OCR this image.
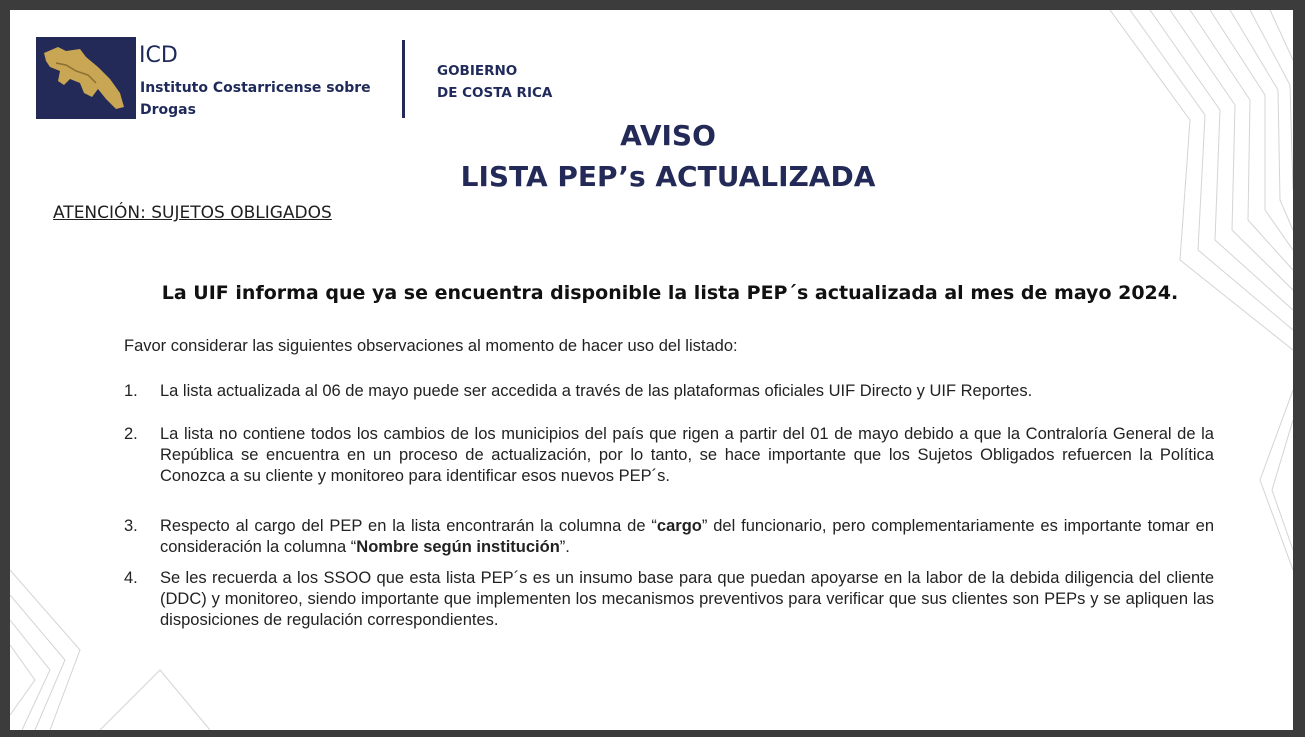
ICD
Instituto Costarricense sobre Drogas
GOBIERNO
DE COSTA RICA
AVISO
LISTA PEP’s ACTUALIZADA
ATENCIÓN: SUJETOS OBLIGADOS
La UIF informa que ya se encuentra disponible la lista PEP´s actualizada al mes de mayo 2024.
Favor considerar las siguientes observaciones al momento de hacer uso del listado:
1.	La lista actualizada al 06 de mayo puede ser accedida a través de las plataformas oficiales UIF Directo y UIF Reportes.
2.	La lista no contiene todos los cambios de los municipios del país que rigen a partir del 01 de mayo debido a que la Contraloría General de la República se encuentra en un proceso de actualización, por lo tanto, se hace importante que los Sujetos Obligados refuercen la Política Conozca a su cliente y monitoreo para identificar esos nuevos PEP´s.
3.	Respecto al cargo del PEP en la lista encontrarán la columna de “cargo” del funcionario, pero complementariamente es importante tomar en consideración la columna “Nombre según institución”.
4.	Se les recuerda a los SSOO que esta lista PEP´s es un insumo base para que puedan apoyarse en la labor de la debida diligencia del cliente (DDC) y monitoreo, siendo importante que implementen los mecanismos preventivos para verificar que sus clientes son PEPs y se apliquen las disposiciones de regulación correspondientes.
